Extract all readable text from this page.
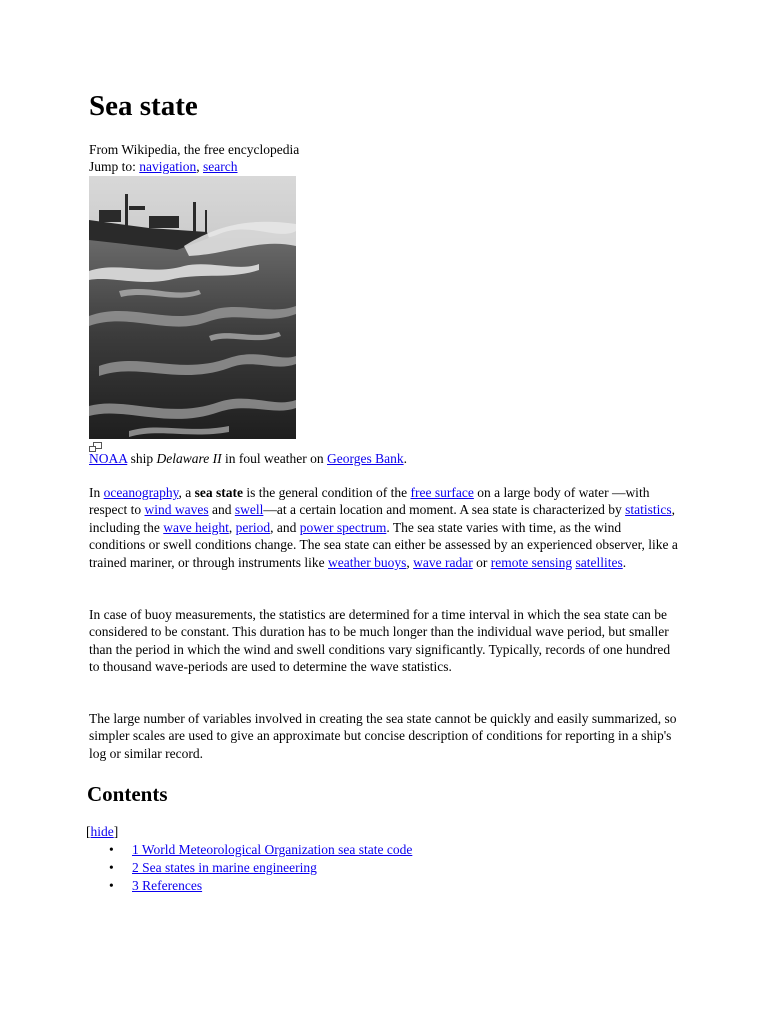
Sea state
From Wikipedia, the free encyclopedia
Jump to: navigation, search
NOAA ship Delaware II in foul weather on Georges Bank.

In oceanography, a sea state is the general condition of the free surface on a large body of water —with respect to wind waves and swell—at a certain location and moment. A sea state is characterized by statistics, including the wave height, period, and power spectrum. The sea state varies with time, as the wind conditions or swell conditions change. The sea state can either be assessed by an experienced observer, like a trained mariner, or through instruments like weather buoys, wave radar or remote sensing satellites.

In case of buoy measurements, the statistics are determined for a time interval in which the sea state can be considered to be constant. This duration has to be much longer than the individual wave period, but smaller than the period in which the wind and swell conditions vary significantly. Typically, records of one hundred to thousand wave-periods are used to determine the wave statistics.

The large number of variables involved in creating the sea state cannot be quickly and easily summarized, so simpler scales are used to give an approximate but concise description of conditions for reporting in a ship's log or similar record.

Contents
[hide]
• 1 World Meteorological Organization sea state code
• 2 Sea states in marine engineering
• 3 References
